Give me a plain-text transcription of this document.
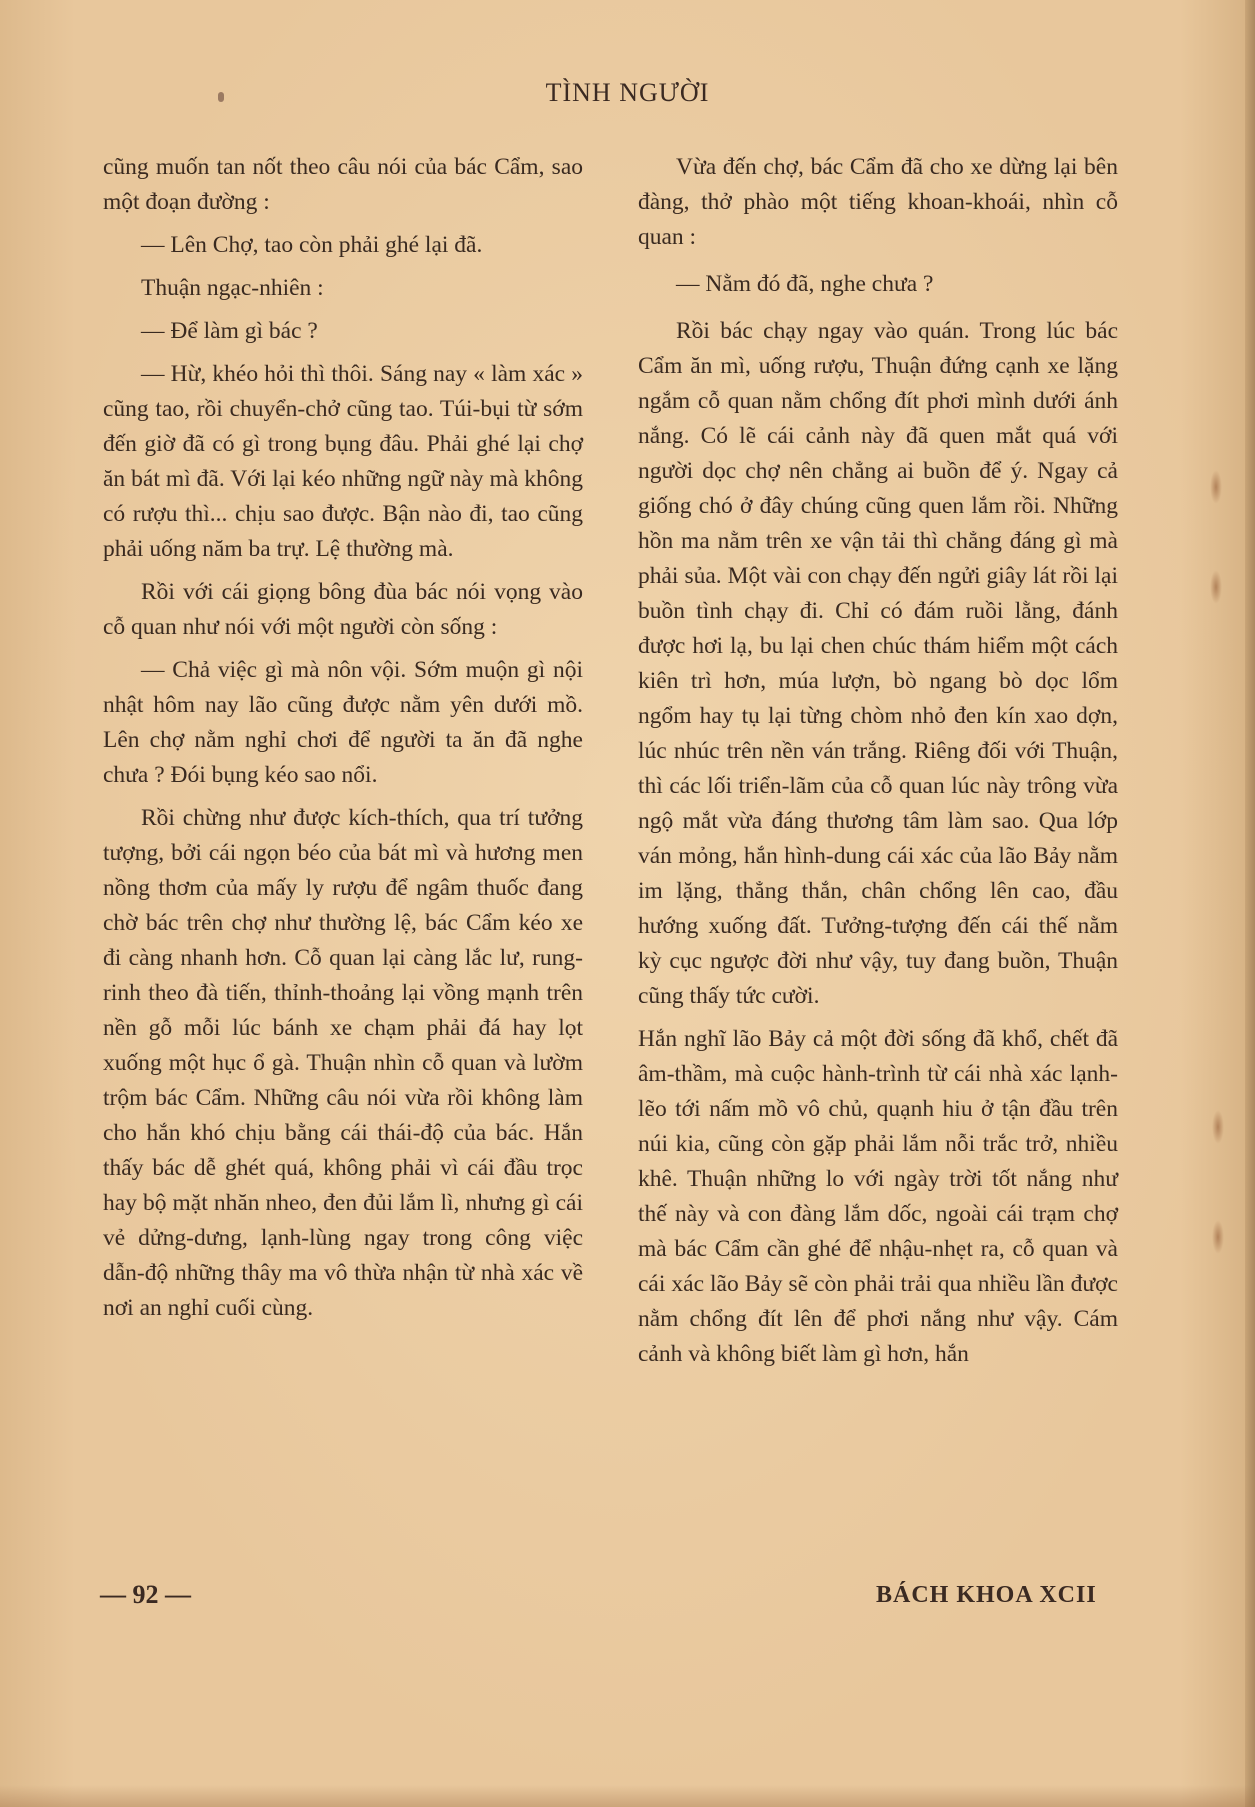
TÌNH NGƯỜI

cũng muốn tan nốt theo câu nói của bác Cẩm, sao một đoạn đường :

— Lên Chợ, tao còn phải ghé lại đã.

Thuận ngạc-nhiên :

— Để làm gì bác ?

— Hừ, khéo hỏi thì thôi. Sáng nay « làm xác » cũng tao, rồi chuyển-chở cũng tao. Túi-bụi từ sớm đến giờ đã có gì trong bụng đâu. Phải ghé lại chợ ăn bát mì đã. Với lại kéo những ngữ này mà không có rượu thì... chịu sao được. Bận nào đi, tao cũng phải uống năm ba trự. Lệ thường mà.

Rồi với cái giọng bông đùa bác nói vọng vào cỗ quan như nói với một người còn sống :

— Chả việc gì mà nôn vội. Sớm muộn gì nội nhật hôm nay lão cũng được nằm yên dưới mồ. Lên chợ nằm nghỉ chơi để người ta ăn đã nghe chưa ? Đói bụng kéo sao nổi.

Rồi chừng như được kích-thích, qua trí tưởng tượng, bởi cái ngọn béo của bát mì và hương men nồng thơm của mấy ly rượu để ngâm thuốc đang chờ bác trên chợ như thường lệ, bác Cẩm kéo xe đi càng nhanh hơn. Cỗ quan lại càng lắc lư, rung-rinh theo đà tiến, thỉnh-thoảng lại vồng mạnh trên nền gỗ mỗi lúc bánh xe chạm phải đá hay lọt xuống một hục ổ gà. Thuận nhìn cỗ quan và lườm trộm bác Cẩm. Những câu nói vừa rồi không làm cho hắn khó chịu bằng cái thái-độ của bác. Hắn thấy bác dễ ghét quá, không phải vì cái đầu trọc hay bộ mặt nhăn nheo, đen đủi lắm lì, nhưng gì cái vẻ dửng-dưng, lạnh-lùng ngay trong công việc dẫn-độ những thây ma vô thừa nhận từ nhà xác về nơi an nghỉ cuối cùng.

Vừa đến chợ, bác Cẩm đã cho xe dừng lại bên đàng, thở phào một tiếng khoan-khoái, nhìn cỗ quan :

— Nằm đó đã, nghe chưa ?

Rồi bác chạy ngay vào quán. Trong lúc bác Cẩm ăn mì, uống rượu, Thuận đứng cạnh xe lặng ngắm cỗ quan nằm chổng đít phơi mình dưới ánh nắng. Có lẽ cái cảnh này đã quen mắt quá với người dọc chợ nên chẳng ai buồn để ý. Ngay cả giống chó ở đây chúng cũng quen lắm rồi. Những hồn ma nằm trên xe vận tải thì chẳng đáng gì mà phải sủa. Một vài con chạy đến ngửi giây lát rồi lại buồn tình chạy đi. Chỉ có đám ruồi lằng, đánh được hơi lạ, bu lại chen chúc thám hiểm một cách kiên trì hơn, múa lượn, bò ngang bò dọc lổm ngổm hay tụ lại từng chòm nhỏ đen kín xao dợn, lúc nhúc trên nền ván trắng. Riêng đối với Thuận, thì các lối triển-lãm của cỗ quan lúc này trông vừa ngộ mắt vừa đáng thương tâm làm sao. Qua lớp ván mỏng, hắn hình-dung cái xác của lão Bảy nằm im lặng, thẳng thắn, chân chổng lên cao, đầu hướng xuống đất. Tưởng-tượng đến cái thế nằm kỳ cục ngược đời như vậy, tuy đang buồn, Thuận cũng thấy tức cười.

Hắn nghĩ lão Bảy cả một đời sống đã khổ, chết đã âm-thầm, mà cuộc hành-trình từ cái nhà xác lạnh-lẽo tới nấm mồ vô chủ, quạnh hiu ở tận đầu trên núi kia, cũng còn gặp phải lắm nỗi trắc trở, nhiều khê. Thuận những lo với ngày trời tốt nắng như thế này và con đàng lắm dốc, ngoài cái trạm chợ mà bác Cẩm cần ghé để nhậu-nhẹt ra, cỗ quan và cái xác lão Bảy sẽ còn phải trải qua nhiều lần được nằm chổng đít lên để phơi nắng như vậy. Cám cảnh và không biết làm gì hơn, hắn

— 92 —	BÁCH KHOA XCII
